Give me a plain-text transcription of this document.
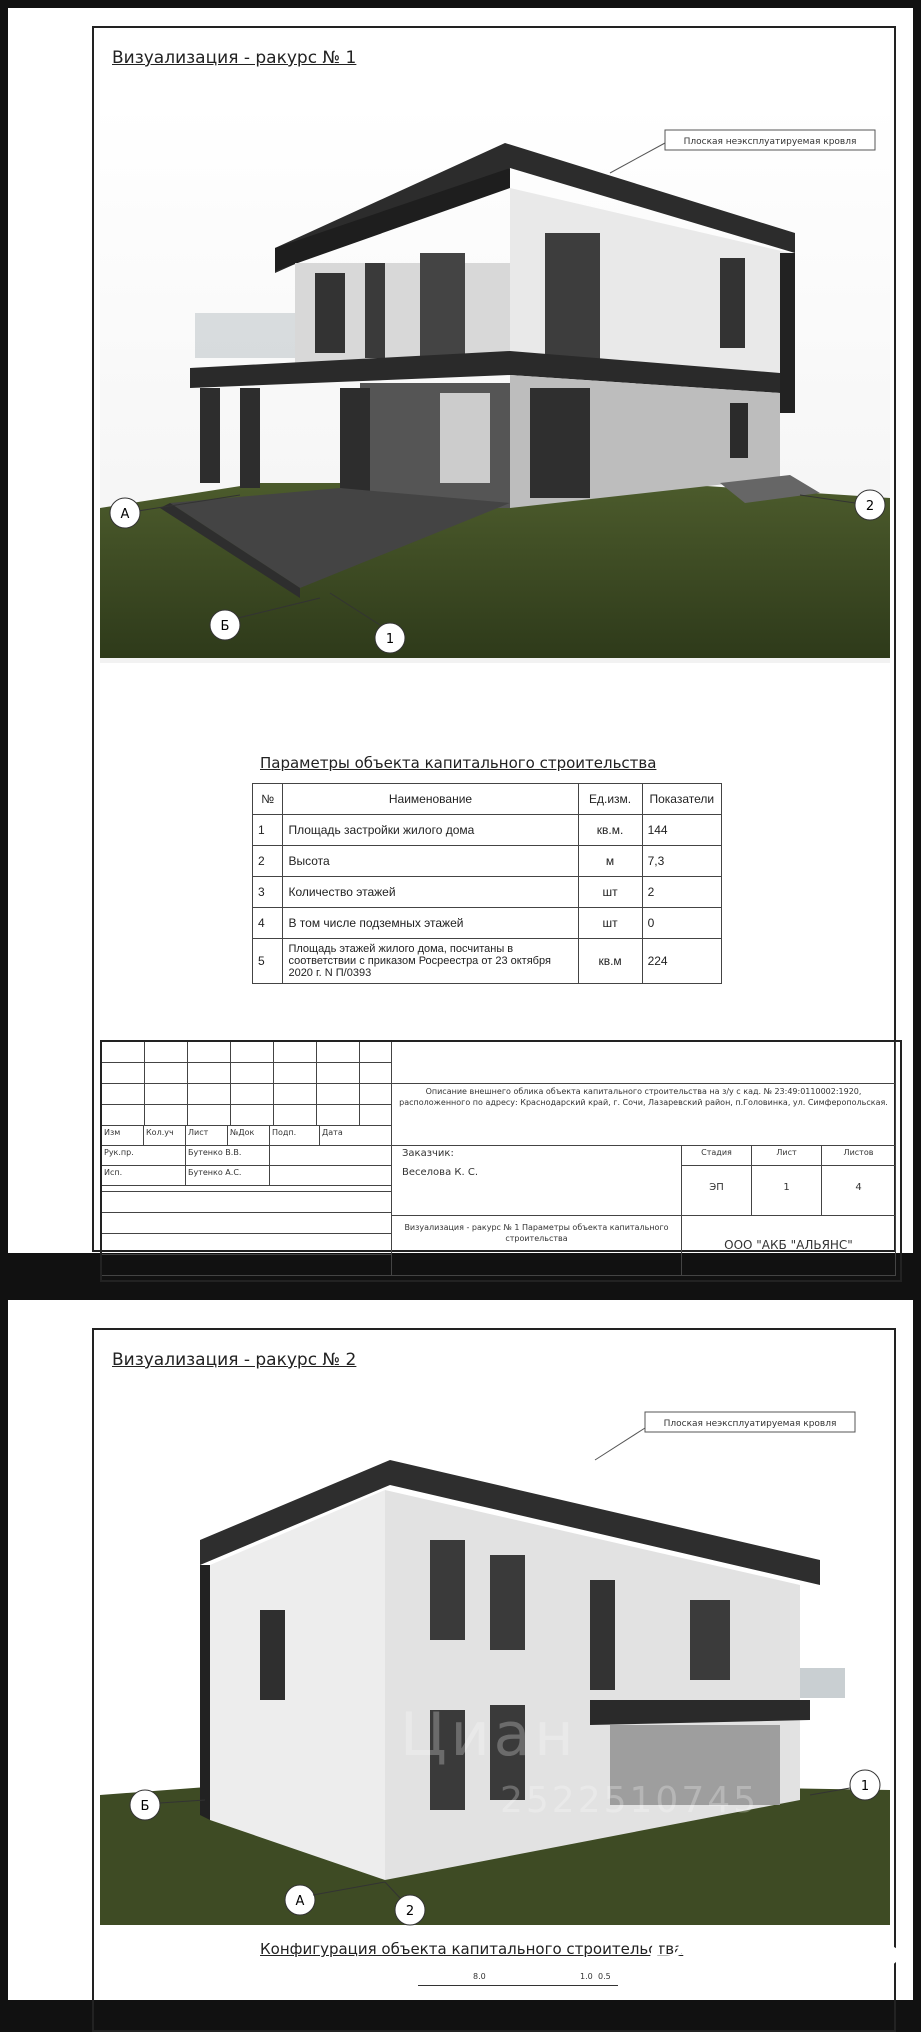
Визуализация - ракурс № 1
Плоская неэксплуатируемая кровля
A
2
Б
1
Параметры объекта капитального строительства
№	Наименование	Ед.изм.	Показатели
1	Площадь застройки жилого дома	кв.м.	144
2	Высота	м	7,3
3	Количество этажей	шт	2
4	В том числе подземных этажей	шт	0
5	Площадь этажей жилого дома, посчитаны в соответствии с приказом Росреестра от 23 октября 2020 г. N П/0393	кв.м	224
Изм	Кол.уч	Лист	№Док	Подп.	Дата
Рук.пр.	Бутенко В.В.
Исп.	Бутенко А.С.
Описание внешнего облика объекта капитального строительства на з/у с кад. № 23:49:0110002:1920, расположенного по адресу: Краснодарский край, г. Сочи, Лазаревский район, п.Головинка, ул. Симферопольская.
Заказчик:
Веселова К. С.
Стадия	Лист	Листов
ЭП	1	4
Визуализация - ракурс № 1 Параметры объекта капитального строительства	ООО "АКБ "АЛЬЯНС"
Визуализация - ракурс № 2
Плоская неэксплуатируемая кровля
Б
1
A
2
Конфигурация объекта капитального строительства
8.0	1.0 0.5
Циан
2522510745
Restate
